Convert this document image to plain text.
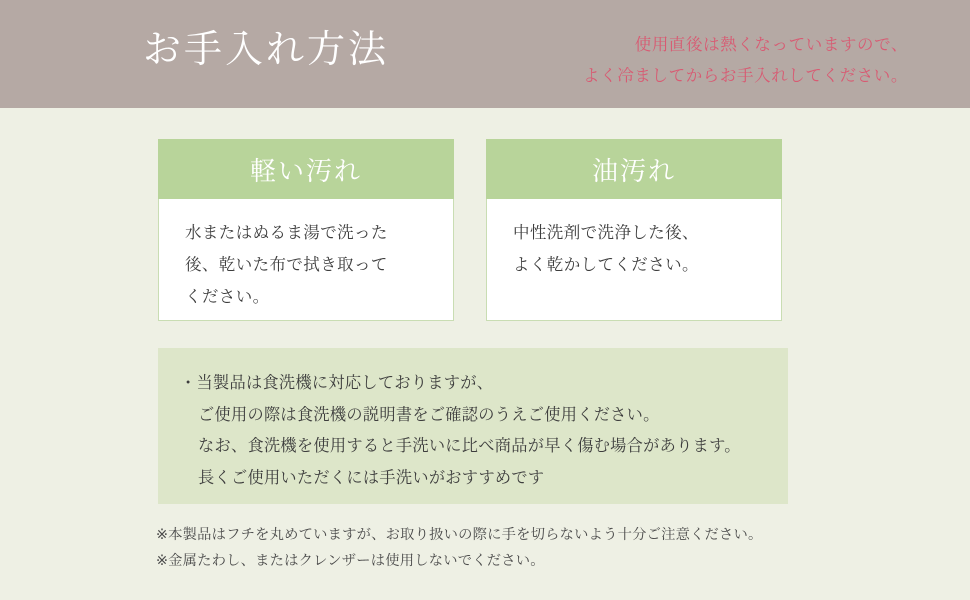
お手入れ方法	使用直後は熱くなっていますので、
よく冷ましてからお手入れしてください。
軽い汚れ
水またはぬるま湯で洗った
後、乾いた布で拭き取って
ください。
油汚れ
中性洗剤で洗浄した後、
よく乾かしてください。
・当製品は食洗機に対応しておりますが、
ご使用の際は食洗機の説明書をご確認のうえご使用ください。
なお、食洗機を使用すると手洗いに比べ商品が早く傷む場合があります。
長くご使用いただくには手洗いがおすすめです
※本製品はフチを丸めていますが、お取り扱いの際に手を切らないよう十分ご注意ください。
※金属たわし、またはクレンザーは使用しないでください。
